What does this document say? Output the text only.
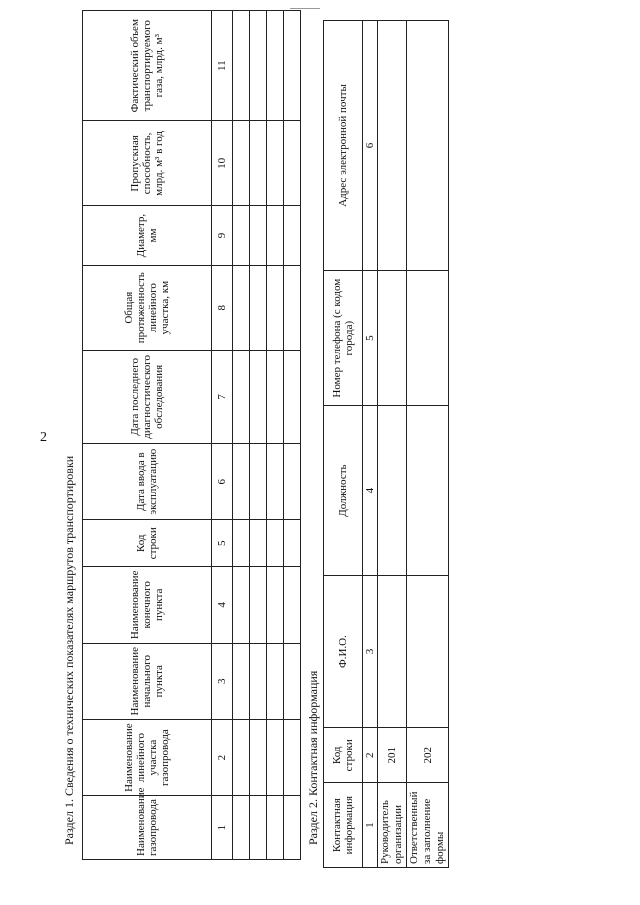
2
Раздел 1. Сведения о технических показателях маршрутов транспортировки	Наименование газопровода	Наименование линейного участка газопровода	Наименование начального пункта	Наименование конечного пункта	Код строки	Дата ввода в эксплуатацию	Дата последнего диагностического обследования	Общая протяженность линейного участка, км	Диаметр, мм	Пропускная способность, млрд. м³ в год	Фактический объем транспортируемого газа, млрд. м³
1	2	3	4	5	6	7	8	9	10	11

Раздел 2. Контактная информация Контактная информация	Код строки	Ф.И.О.	Должность	Номер телефона (с кодом города)	Адрес электронной почты
1	2	3	4	5	6
Руководитель организации	201				
Ответственный за заполнение формы	202				
